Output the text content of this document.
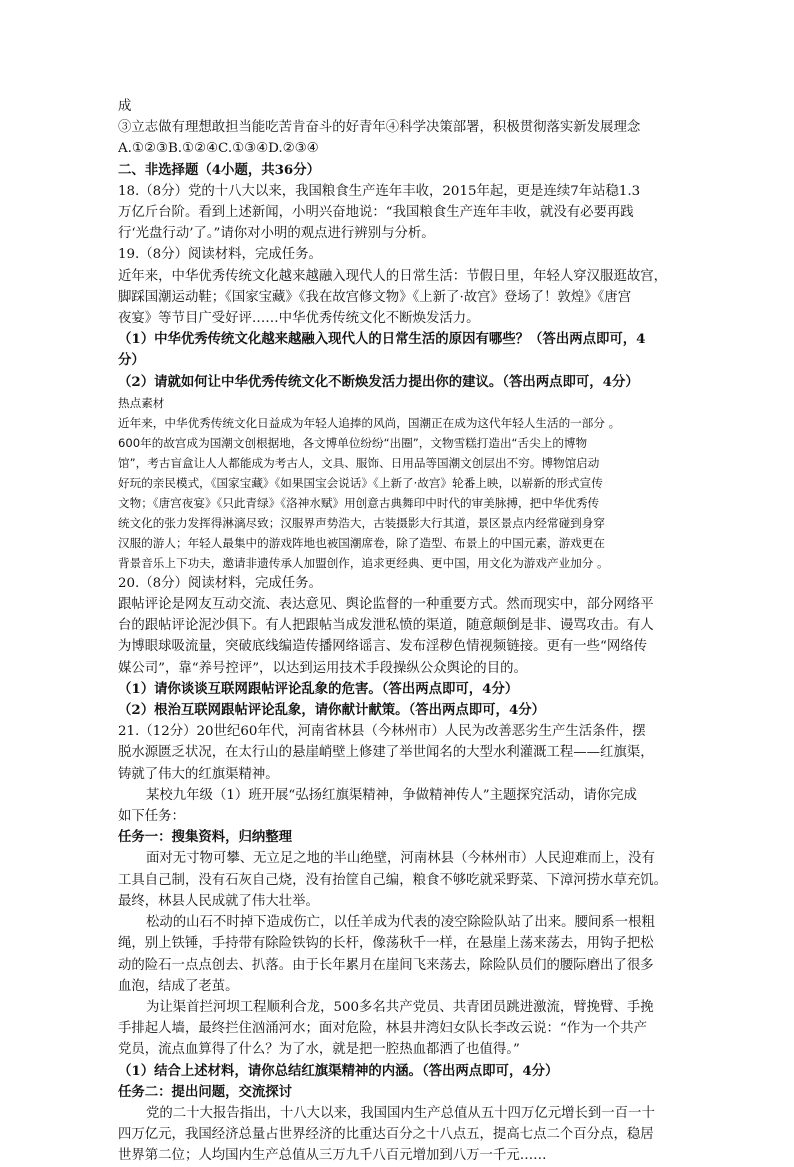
成
③立志做有理想敢担当能吃苦肯奋斗的好青年④科学决策部署，积极贯彻落实新发展理念
A.①②③B.①②④C.①③④D.②③④
二、非选择题（4小题，共36分）
18.（8分）党的十八大以来，我国粮食生产连年丰收，2015年起，更是连续7年站稳1.3
万亿斤台阶。看到上述新闻，小明兴奋地说：“我国粮食生产连年丰收，就没有必要再践
行‘光盘行动’了。”请你对小明的观点进行辨别与分析。
19.（8分）阅读材料，完成任务。
近年来，中华优秀传统文化越来越融入现代人的日常生活：节假日里，年轻人穿汉服逛故宫，
脚踩国潮运动鞋；《国家宝藏》《我在故宫修文物》《上新了·故宫》登场了！敦煌》《唐宫
夜宴》等节目广受好评……中华优秀传统文化不断焕发活力。
（1）中华优秀传统文化越来越融入现代人的日常生活的原因有哪些？（答出两点即可，4
分）
（2）请就如何让中华优秀传统文化不断焕发活力提出你的建议。（答出两点即可，4分）
热点素材
近年来，中华优秀传统文化日益成为年轻人追捧的风尚，国潮正在成为这代年轻人生活的一部分 。
600年的故宫成为国潮文创根据地，各文博单位纷纷“出圈”，文物雪糕打造出“舌尖上的博物
馆”，考古盲盒让人人都能成为考古人，文具、服饰、日用品等国潮文创层出不穷。博物馆启动
好玩的亲民模式，《国家宝藏》《如果国宝会说话》《上新了·故宫》轮番上映，以崭新的形式宣传
文物；《唐宫夜宴》《只此青绿》《洛神水赋》用创意古典舞印中时代的审美脉搏，把中华优秀传
统文化的张力发挥得淋漓尽致；汉服界声势浩大，古装摄影大行其道，景区景点内经常碰到身穿
汉服的游人；年轻人最集中的游戏阵地也被国潮席卷，除了造型、布景上的中国元素，游戏更在
背景音乐上下功夫，邀请非遗传承人加盟创作，追求更经典、更中国，用文化为游戏产业加分 。
20.（8分）阅读材料，完成任务。
跟帖评论是网友互动交流、表达意见、舆论监督的一种重要方式。然而现实中，部分网络平
台的跟帖评论泥沙俱下。有人把跟帖当成发泄私愤的渠道，随意颠倒是非、谩骂攻击。有人
为博眼球吸流量，突破底线编造传播网络谣言、发布淫秽色情视频链接。更有一些“网络传
媒公司”，靠“养号控评”，以达到运用技术手段操纵公众舆论的目的。
（1）请你谈谈互联网跟帖评论乱象的危害。（答出两点即可，4分）
（2）根治互联网跟帖评论乱象，请你献计献策。（答出两点即可，4分）
21.（12分）20世纪60年代，河南省林县（今林州市）人民为改善恶劣生产生活条件，摆
脱水源匮乏状况，在太行山的悬崖峭壁上修建了举世闻名的大型水利灌溉工程——红旗渠，
铸就了伟大的红旗渠精神。
某校九年级（1）班开展“弘扬红旗渠精神，争做精神传人”主题探究活动，请你完成
如下任务：
任务一：搜集资料，归纳整理
面对无寸物可攀、无立足之地的半山绝壁，河南林县（今林州市）人民迎难而上，没有
工具自己制，没有石灰自己烧，没有抬筐自己编，粮食不够吃就采野菜、下漳河捞水草充饥。
最终，林县人民成就了伟大壮举。
松动的山石不时掉下造成伤亡，以任羊成为代表的凌空除险队站了出来。腰间系一根粗
绳，别上铁锤，手持带有除险铁钩的长杆，像荡秋千一样，在悬崖上荡来荡去，用钩子把松
动的险石一点点创去、扒落。由于长年累月在崖间飞来荡去，除险队员们的腰际磨出了很多
血泡，结成了老茧。
为让渠首拦河坝工程顺利合龙，500多名共产党员、共青团员跳进激流，臂挽臂、手挽
手排起人墙，最终拦住汹涌河水；面对危险，林县井湾妇女队长李改云说：“作为一个共产
党员，流点血算得了什么？为了水，就是把一腔热血都洒了也值得。”
（1）结合上述材料，请你总结红旗渠精神的内涵。（答出两点即可，4分）
任务二：提出问题，交流探讨
党的二十大报告指出，十八大以来，我国国内生产总值从五十四万亿元增长到一百一十
四万亿元，我国经济总量占世界经济的比重达百分之十八点五，提高七点二个百分点，稳居
世界第二位；人均国内生产总值从三万九千八百元增加到八万一千元……
